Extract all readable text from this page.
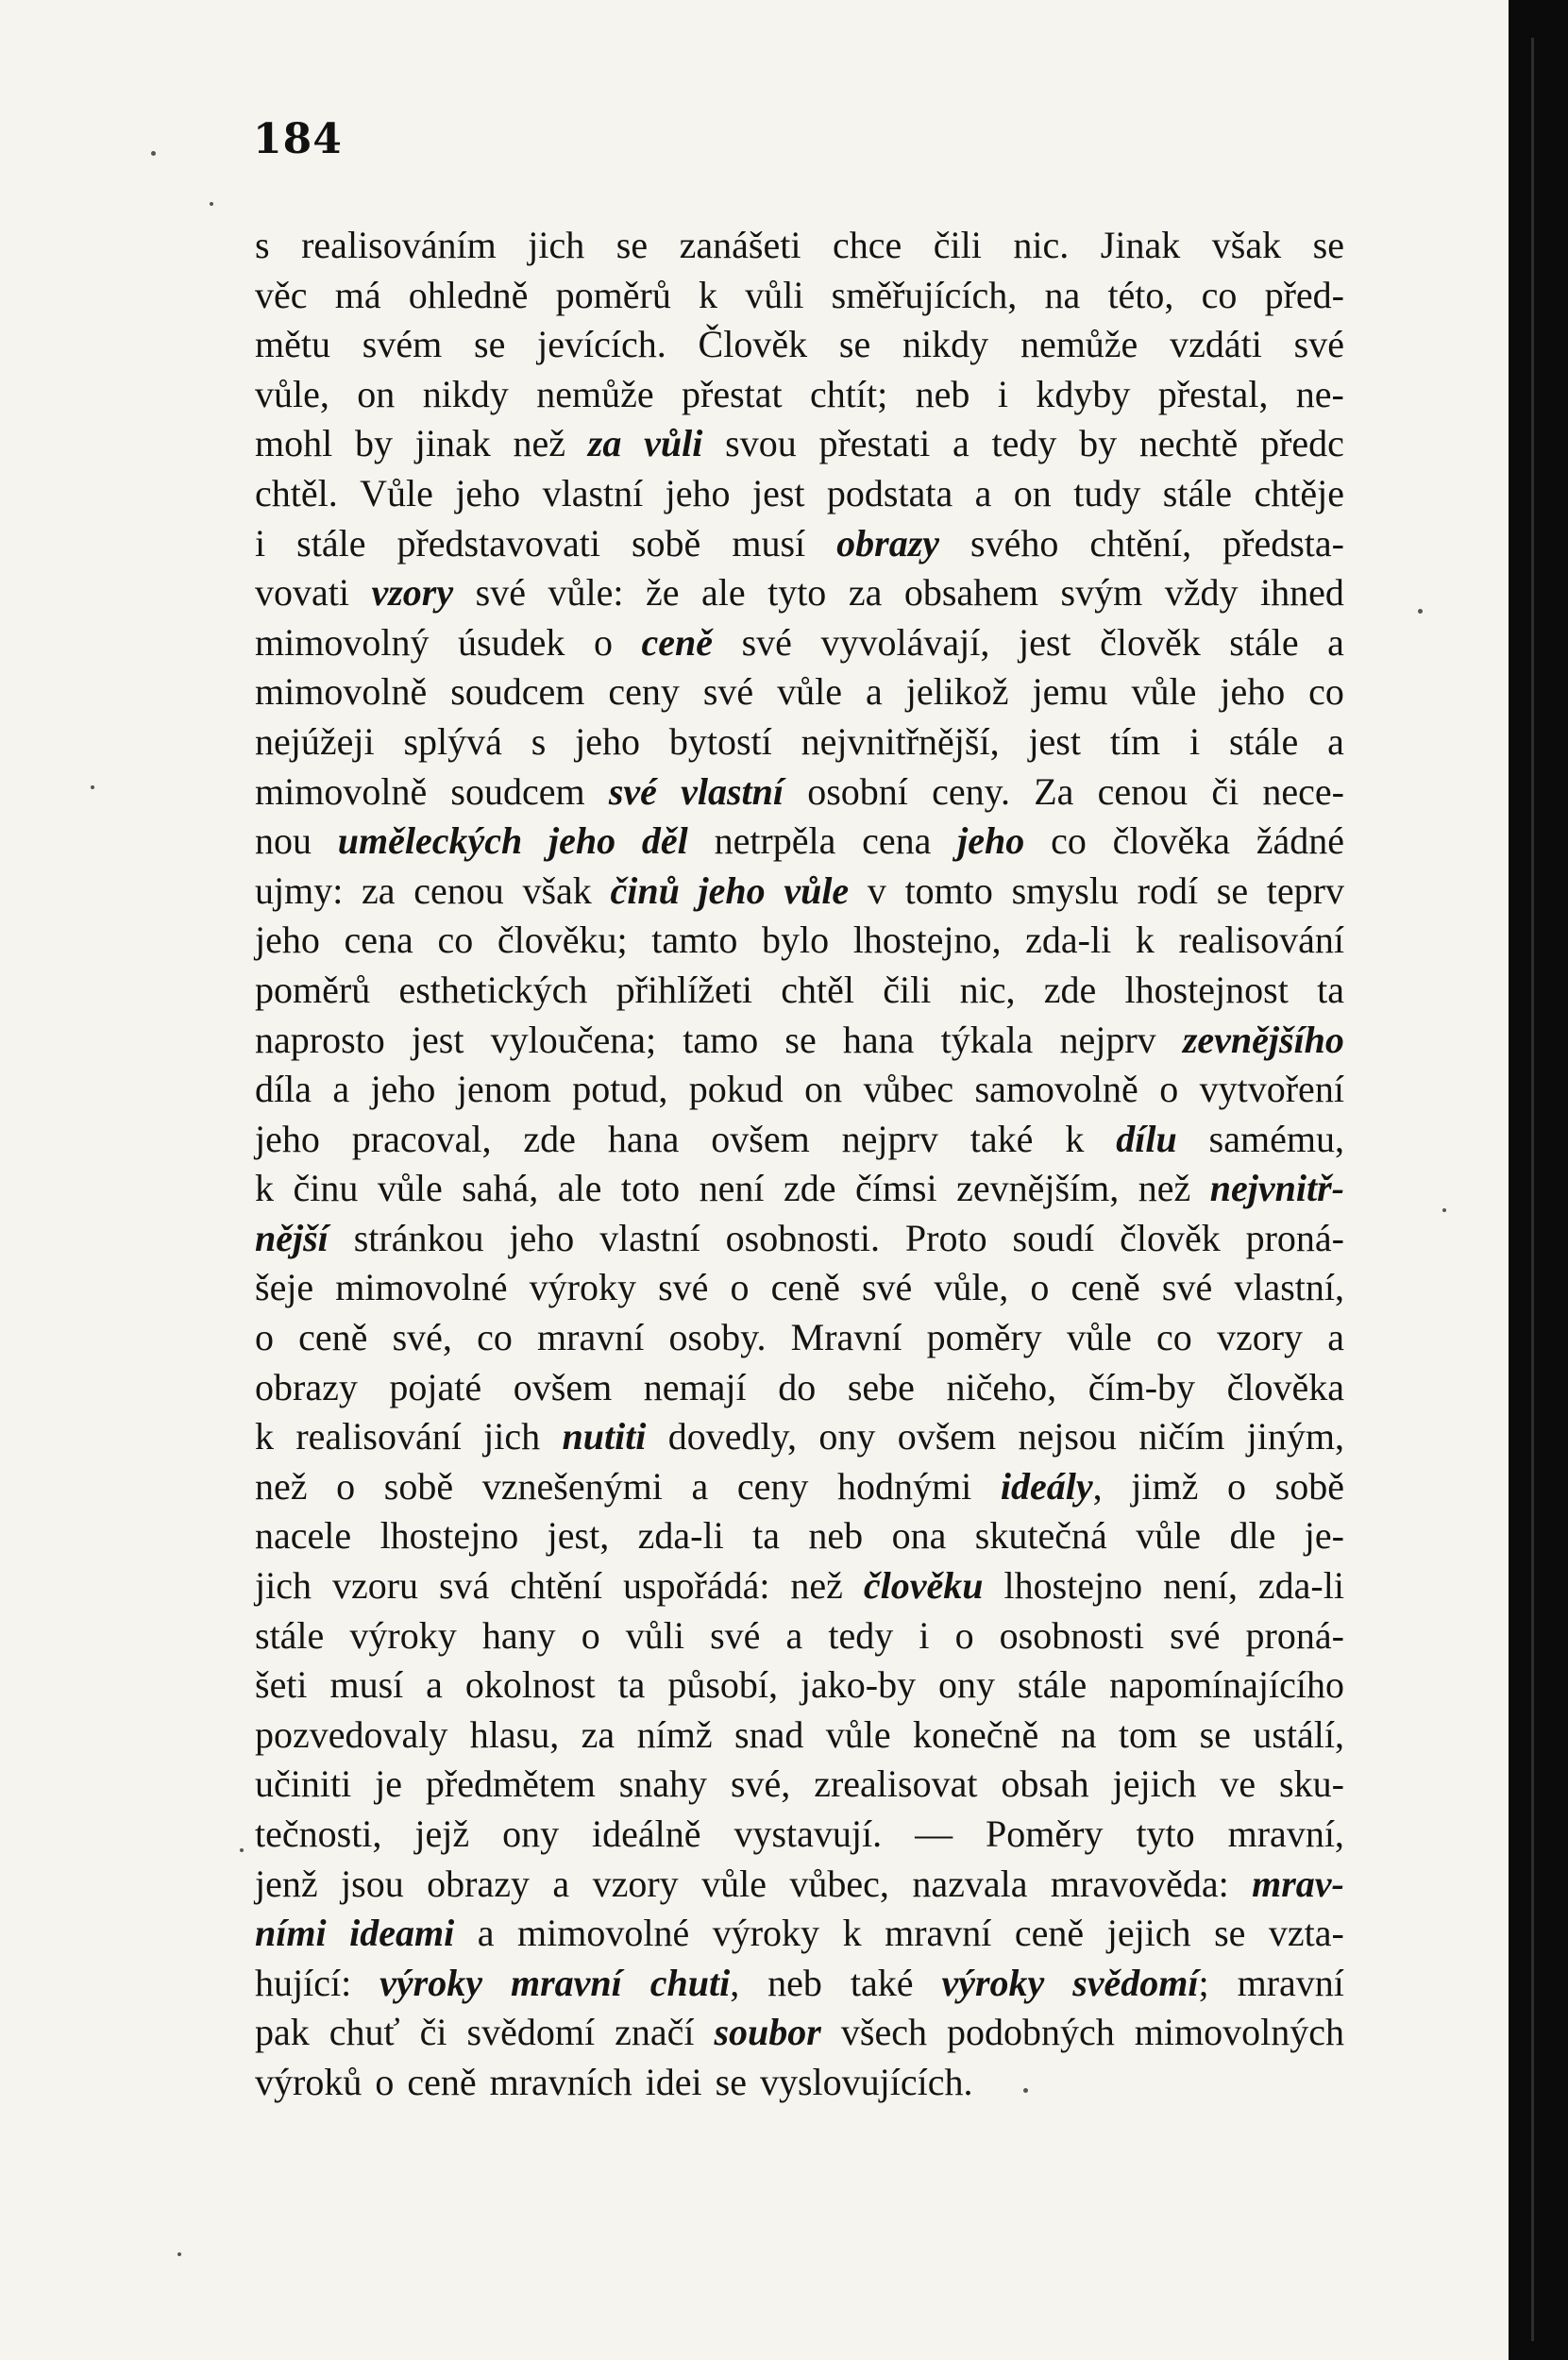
184
s realisováním jich se zanášeti chce čili nic. Jinak však se
věc má ohledně poměrů k vůli směřujících, na této, co před-
mětu svém se jevících. Člověk se nikdy nemůže vzdáti své
vůle, on nikdy nemůže přestat chtít; neb i kdyby přestal, ne-
mohl by jinak než za vůli svou přestati a tedy by nechtě předc
chtěl. Vůle jeho vlastní jeho jest podstata a on tudy stále chtěje
i stále představovati sobě musí obrazy svého chtění, předsta-
vovati vzory své vůle: že ale tyto za obsahem svým vždy ihned
mimovolný úsudek o ceně své vyvolávají, jest člověk stále a
mimovolně soudcem ceny své vůle a jelikož jemu vůle jeho co
nejúžeji splývá s jeho bytostí nejvnitřnější, jest tím i stále a
mimovolně soudcem své vlastní osobní ceny. Za cenou či nece-
nou uměleckých jeho děl netrpěla cena jeho co člověka žádné
ujmy: za cenou však činů jeho vůle v tomto smyslu rodí se teprv
jeho cena co člověku; tamto bylo lhostejno, zda-li k realisování
poměrů esthetických přihlížeti chtěl čili nic, zde lhostejnost ta
naprosto jest vyloučena; tamo se hana týkala nejprv zevnějšího
díla a jeho jenom potud, pokud on vůbec samovolně o vytvoření
jeho pracoval, zde hana ovšem nejprv také k dílu samému,
k činu vůle sahá, ale toto není zde čímsi zevnějším, než nejvnitř-
nější stránkou jeho vlastní osobnosti. Proto soudí člověk proná-
šeje mimovolné výroky své o ceně své vůle, o ceně své vlastní,
o ceně své, co mravní osoby. Mravní poměry vůle co vzory a
obrazy pojaté ovšem nemají do sebe ničeho, čím-by člověka
k realisování jich nutiti dovedly, ony ovšem nejsou ničím jiným,
než o sobě vznešenými a ceny hodnými ideály, jimž o sobě
nacele lhostejno jest, zda-li ta neb ona skutečná vůle dle je-
jich vzoru svá chtění uspořádá: než člověku lhostejno není, zda-li
stále výroky hany o vůli své a tedy i o osobnosti své proná-
šeti musí a okolnost ta působí, jako-by ony stále napomínajícího
pozvedovaly hlasu, za nímž snad vůle konečně na tom se ustálí,
učiniti je předmětem snahy své, zrealisovat obsah jejich ve sku-
tečnosti, jejž ony ideálně vystavují. — Poměry tyto mravní,
jenž jsou obrazy a vzory vůle vůbec, nazvala mravověda: mrav-
ními ideami a mimovolné výroky k mravní ceně jejich se vzta-
hující: výroky mravní chuti, neb také výroky svědomí; mravní
pak chuť či svědomí značí soubor všech podobných mimovolných
výroků
o
ceně
mravních
idei
se
vyslovujících.
